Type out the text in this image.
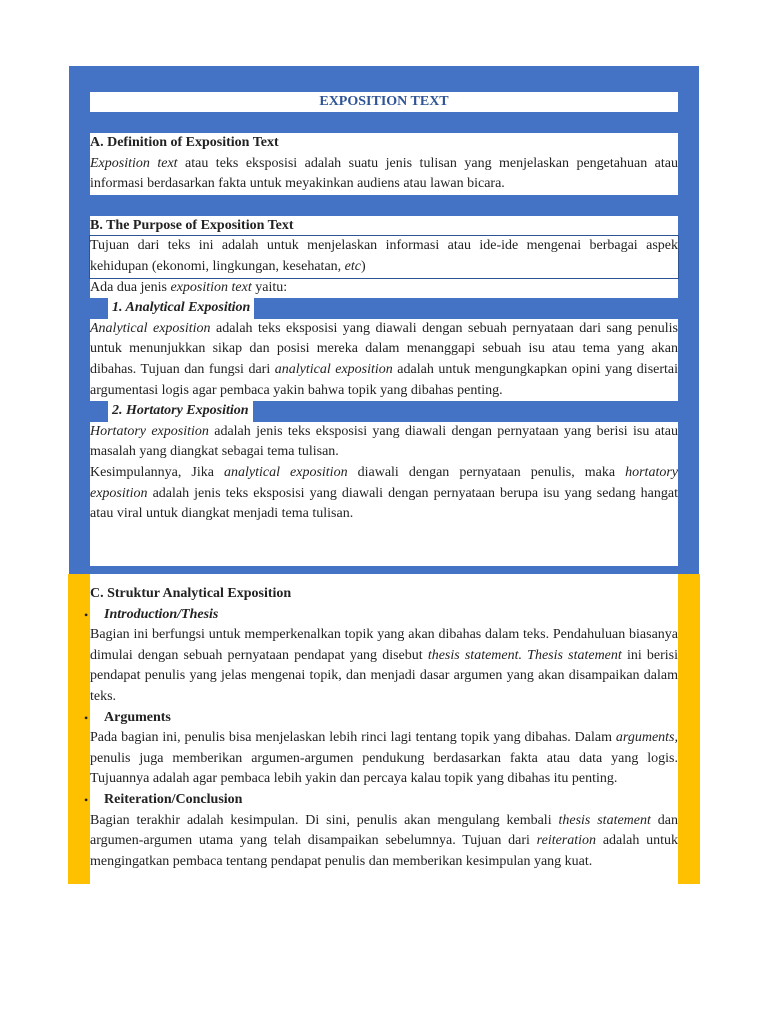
EXPOSITION TEXT
A. Definition of Exposition Text
Exposition text atau teks eksposisi adalah suatu jenis tulisan yang menjelaskan pengetahuan atau informasi berdasarkan fakta untuk meyakinkan audiens atau lawan bicara.
B. The Purpose of Exposition Text
Tujuan dari teks ini adalah untuk menjelaskan informasi atau ide-ide mengenai berbagai aspek kehidupan (ekonomi, lingkungan, kesehatan, etc)
Ada dua jenis exposition text yaitu:
1. Analytical Exposition
Analytical exposition adalah teks eksposisi yang diawali dengan sebuah pernyataan dari sang penulis untuk menunjukkan sikap dan posisi mereka dalam menanggapi sebuah isu atau tema yang akan dibahas. Tujuan dan fungsi dari analytical exposition adalah untuk mengungkapkan opini yang disertai argumentasi logis agar pembaca yakin bahwa topik yang dibahas penting.
2. Hortatory Exposition
Hortatory exposition adalah jenis teks eksposisi yang diawali dengan pernyataan yang berisi isu atau masalah yang diangkat sebagai tema tulisan.
Kesimpulannya, Jika analytical exposition diawali dengan pernyataan penulis, maka hortatory exposition adalah jenis teks eksposisi yang diawali dengan pernyataan berupa isu yang sedang hangat atau viral untuk diangkat menjadi tema tulisan.
C. Struktur Analytical Exposition
•	Introduction/Thesis
Bagian ini berfungsi untuk memperkenalkan topik yang akan dibahas dalam teks. Pendahuluan biasanya dimulai dengan sebuah pernyataan pendapat yang disebut thesis statement. Thesis statement ini berisi pendapat penulis yang jelas mengenai topik, dan menjadi dasar argumen yang akan disampaikan dalam teks.
•	Arguments
Pada bagian ini, penulis bisa menjelaskan lebih rinci lagi tentang topik yang dibahas. Dalam arguments, penulis juga memberikan argumen-argumen pendukung berdasarkan fakta atau data yang logis. Tujuannya adalah agar pembaca lebih yakin dan percaya kalau topik yang dibahas itu penting.
•	Reiteration/Conclusion
Bagian terakhir adalah kesimpulan. Di sini, penulis akan mengulang kembali thesis statement dan argumen-argumen utama yang telah disampaikan sebelumnya. Tujuan dari reiteration adalah untuk mengingatkan pembaca tentang pendapat penulis dan memberikan kesimpulan yang kuat.
